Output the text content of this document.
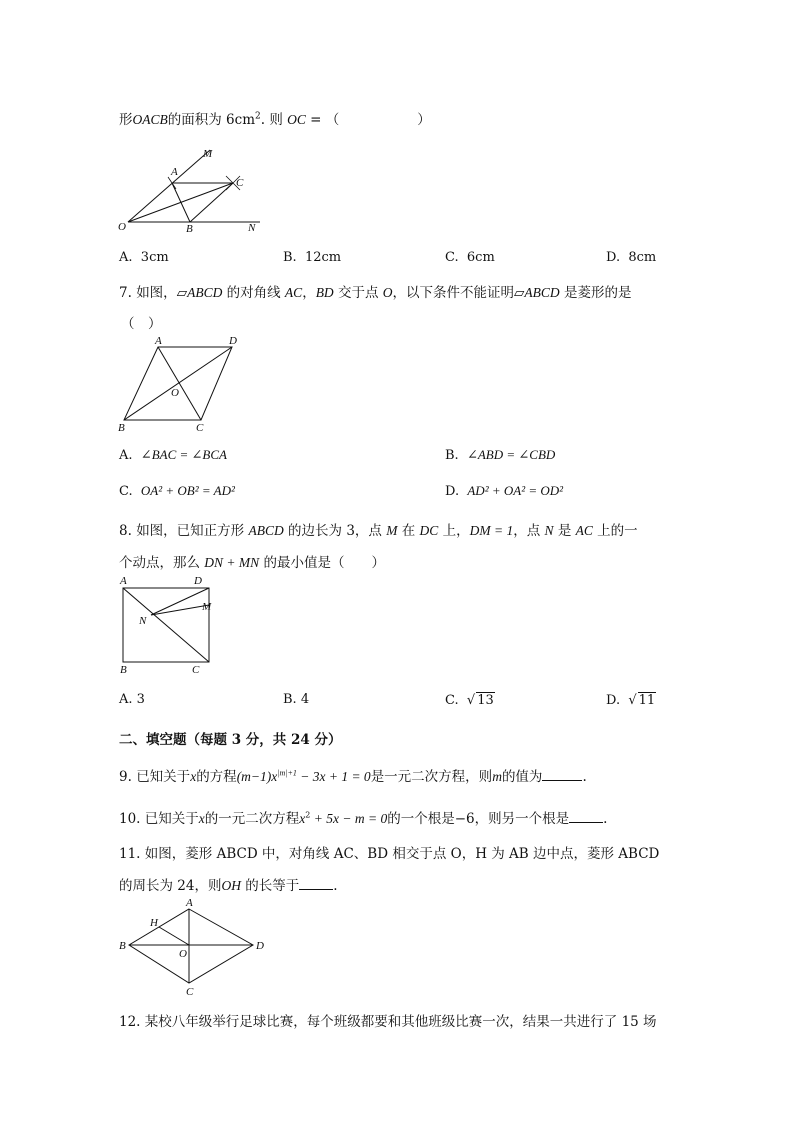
形OACB的面积为 $6cm^2$. 则 OC = （	）
M
A
C
O	B	N
A. 3cm	B. 12cm	C. 6cm	D. 8cm
7. 如图，▱ABCD 的对角线 AC，BD 交于点 O，以下条件不能证明▱ABCD 是菱形的是
（　）
A	D
O
B	C
A. ∠BAC = ∠BCA	B. ∠ABD = ∠CBD
C. OA² + OB² = AD²	D. AD² + OA² = OD²
8. 如图，已知正方形 ABCD 的边长为 3，点 M 在 DC 上，DM = 1，点 N 是 AC 上的一
个动点，那么 DN + MN 的最小值是（　　）
A	D
M
N
B	C
A. 3	B. 4	C.  √ 13	D.  √ 11
二、填空题（每题 3 分，共 24 分）
9. 已知关于x的方程$(m-1)x^{|m|+1} - 3x + 1 = 0$是一元二次方程，则m的值为	.
10. 已知关于x的一元二次方程$x^2 + 5x - m = 0$的一个根是−6，则另一个根是	.
11. 如图，菱形 ABCD 中，对角线 AC、BD 相交于点 O，H 为 AB 边中点，菱形 ABCD
的周长为 24，则OH 的长等于	.
A
H
B
O
D
C
12. 某校八年级举行足球比赛，每个班级都要和其他班级比赛一次，结果一共进行了 15 场
